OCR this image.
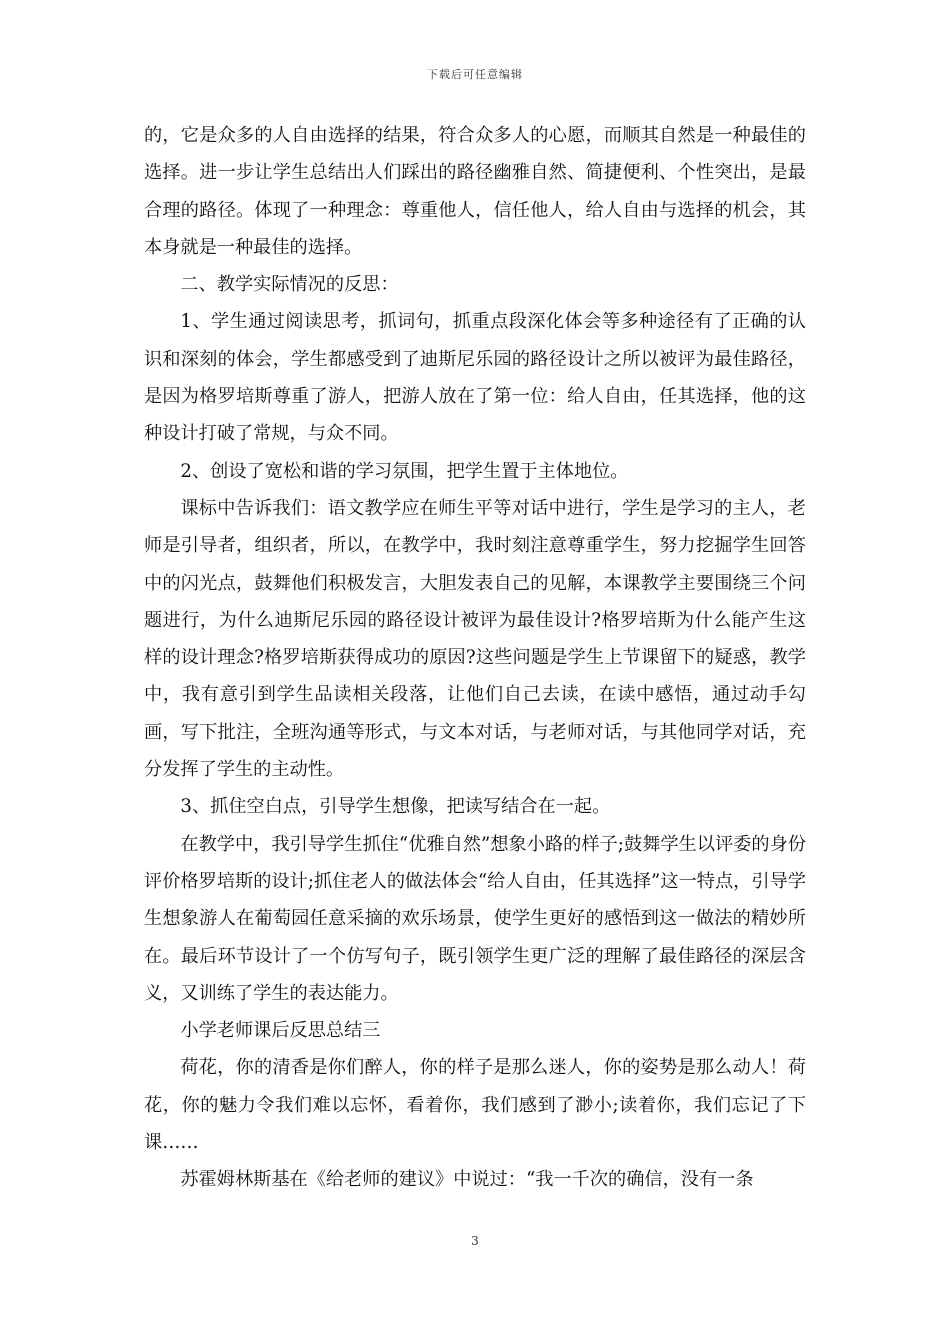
下载后可任意编辑

的，它是众多的人自由选择的结果，符合众多人的心愿，而顺其自然是一种最佳的选择。进一步让学生总结出人们踩出的路径幽雅自然、简捷便利、个性突出，是最合理的路径。体现了一种理念：尊重他人，信任他人，给人自由与选择的机会，其本身就是一种最佳的选择。

二、教学实际情况的反思：

1、学生通过阅读思考，抓词句，抓重点段深化体会等多种途径有了正确的认识和深刻的体会，学生都感受到了迪斯尼乐园的路径设计之所以被评为最佳路径，是因为格罗培斯尊重了游人，把游人放在了第一位：给人自由，任其选择，他的这种设计打破了常规，与众不同。

2、创设了宽松和谐的学习氛围，把学生置于主体地位。

课标中告诉我们：语文教学应在师生平等对话中进行，学生是学习的主人，老师是引导者，组织者，所以，在教学中，我时刻注意尊重学生，努力挖掘学生回答中的闪光点，鼓舞他们积极发言，大胆发表自己的见解，本课教学主要围绕三个问题进行，为什么迪斯尼乐园的路径设计被评为最佳设计?格罗培斯为什么能产生这样的设计理念?格罗培斯获得成功的原因?这些问题是学生上节课留下的疑惑，教学中，我有意引到学生品读相关段落，让他们自己去读，在读中感悟，通过动手勾画，写下批注，全班沟通等形式，与文本对话，与老师对话，与其他同学对话，充分发挥了学生的主动性。

3、抓住空白点，引导学生想像，把读写结合在一起。

在教学中，我引导学生抓住“优雅自然”想象小路的样子;鼓舞学生以评委的身份评价格罗培斯的设计;抓住老人的做法体会“给人自由，任其选择”这一特点，引导学生想象游人在葡萄园任意采摘的欢乐场景，使学生更好的感悟到这一做法的精妙所在。最后环节设计了一个仿写句子，既引领学生更广泛的理解了最佳路径的深层含义，又训练了学生的表达能力。

小学老师课后反思总结三

荷花，你的清香是你们醉人，你的样子是那么迷人，你的姿势是那么动人！荷花，你的魅力令我们难以忘怀，看着你，我们感到了渺小;读着你，我们忘记了下课……

苏霍姆林斯基在《给老师的建议》中说过：“我一千次的确信，没有一条

3
